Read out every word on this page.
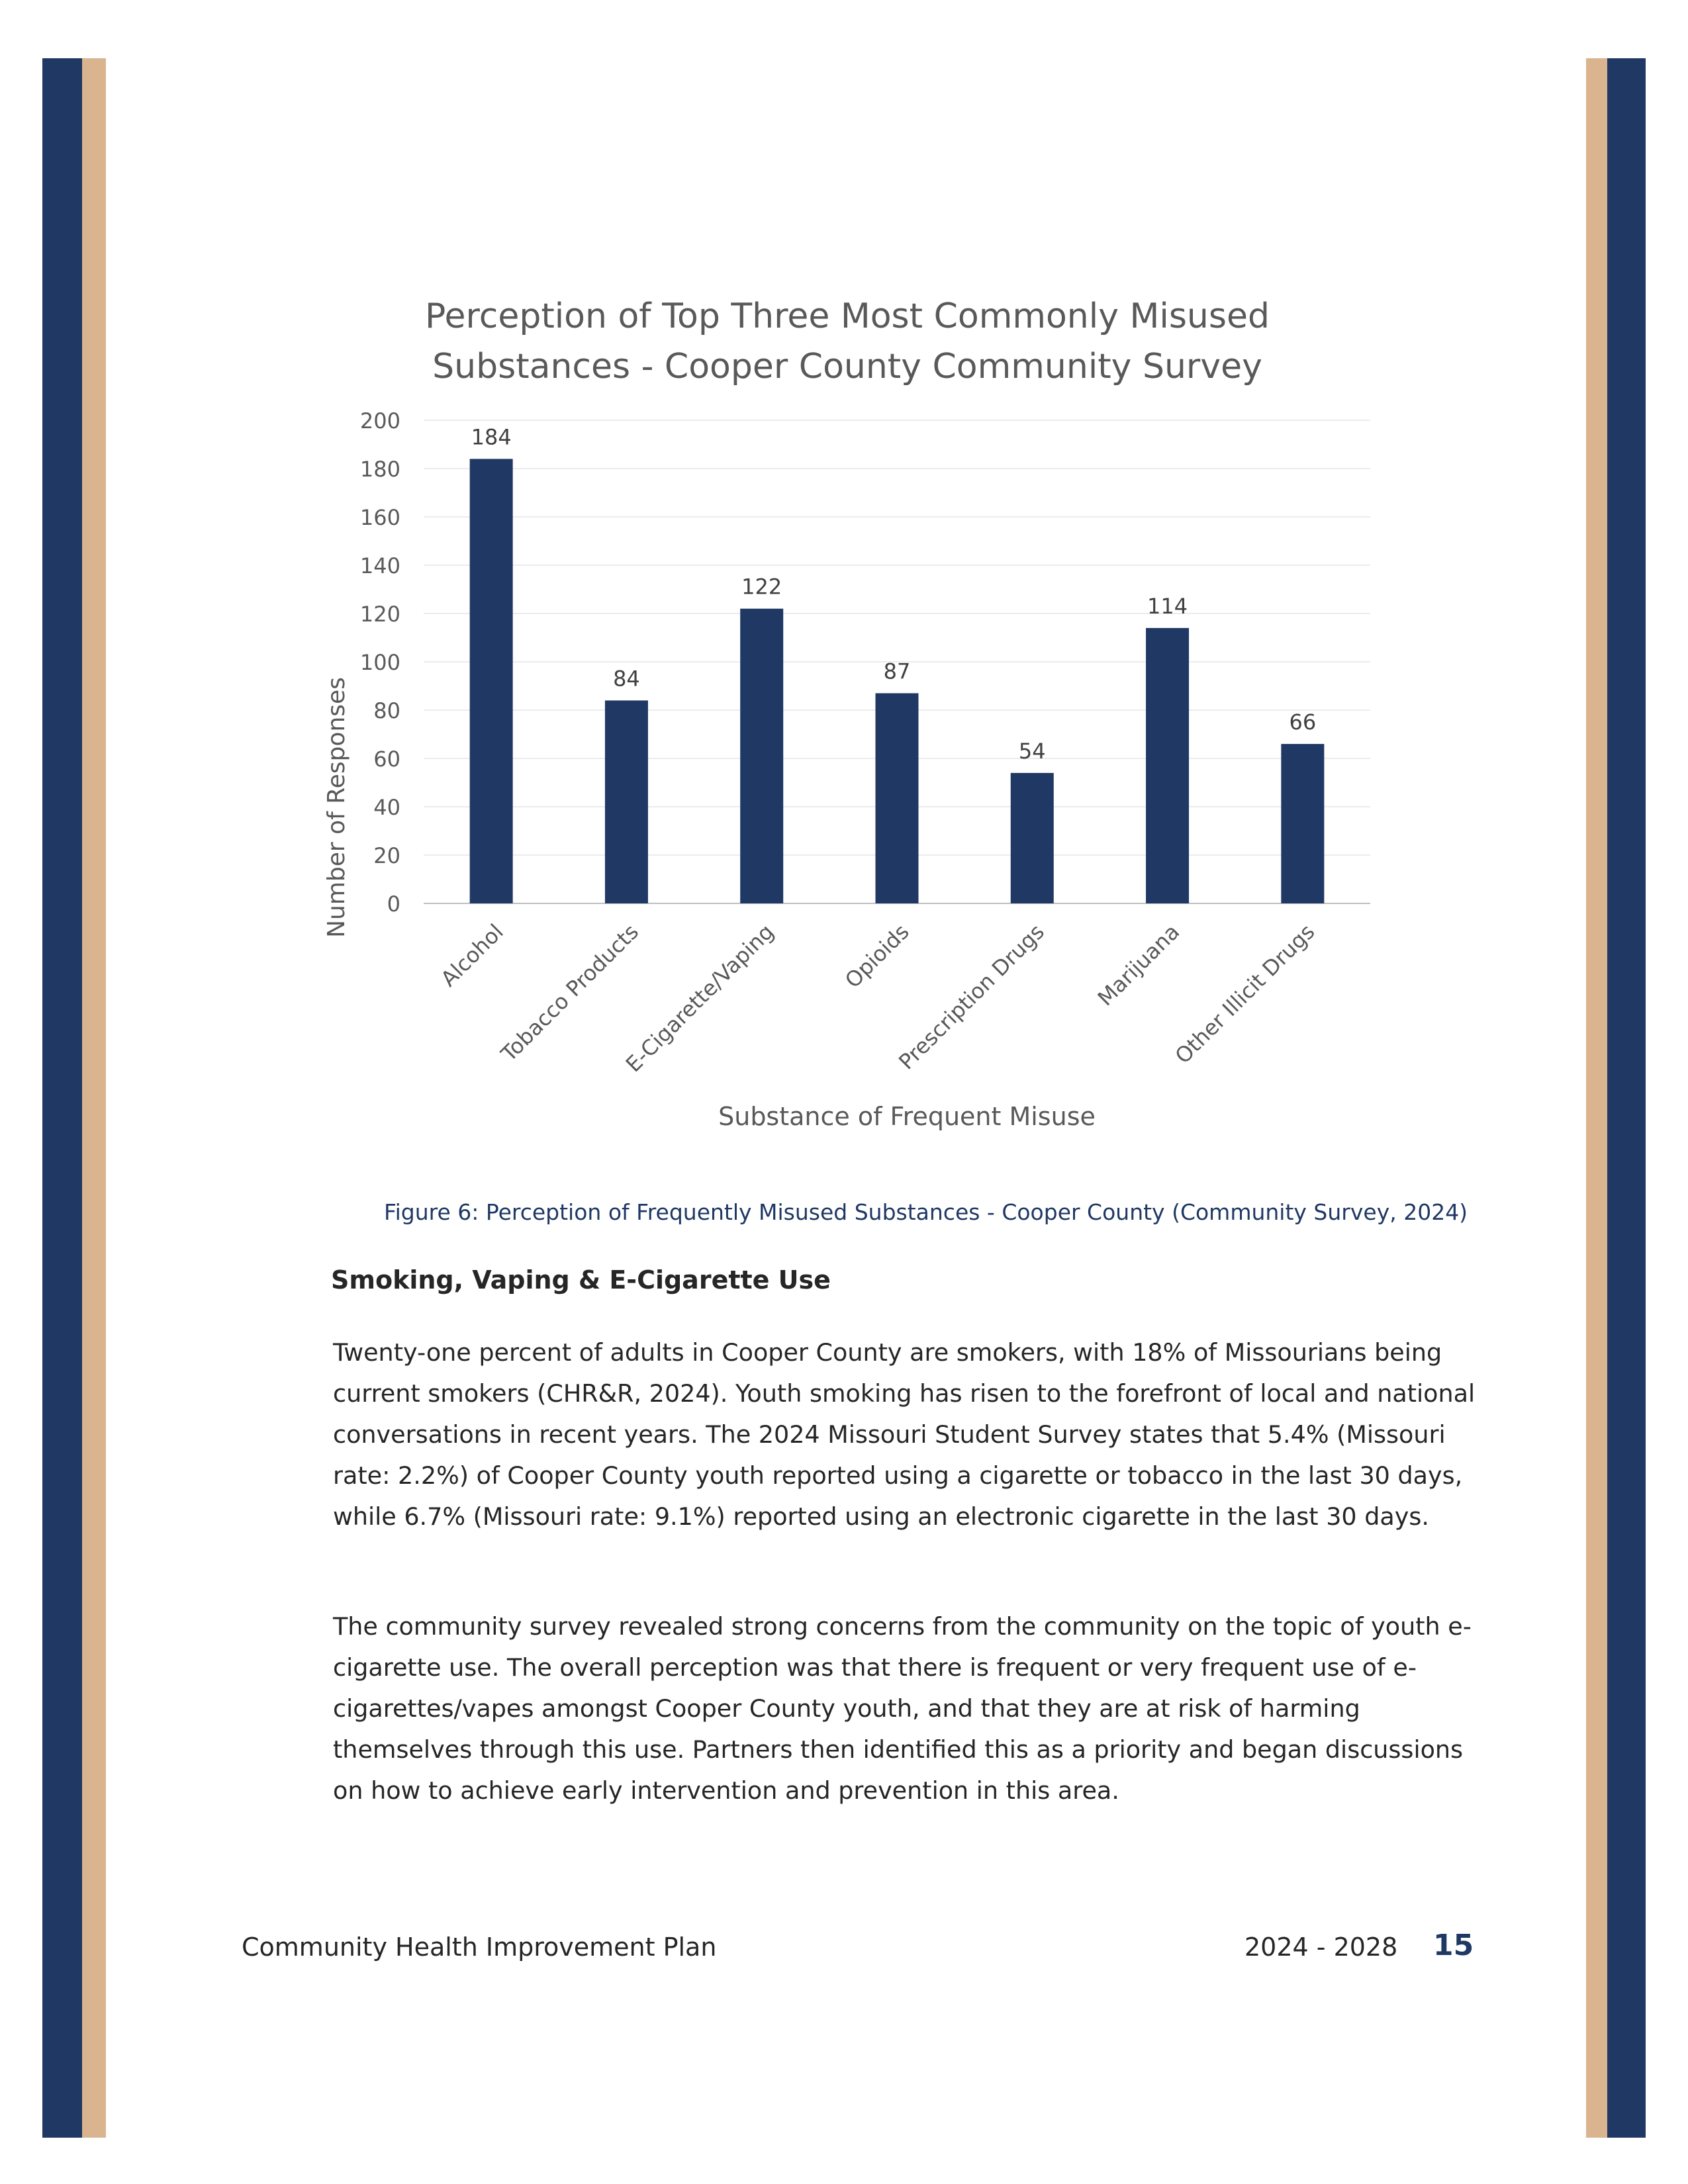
Perception of Top Three Most Commonly Misused
Substances - Cooper County Community Survey
0
20
40
60
80
100
120
140
160
180
200
184
84
122
87
54
114
66
Alcohol
Tobacco Products
E-Cigarette/Vaping	Opioids
Prescription Drugs Marijuana
Other Illicit Drugs
Number of Responses
Substance of Frequent Misuse
Figure 6: Perception of Frequently Misused Substances - Cooper County (Community Survey, 2024)
Smoking, Vaping & E-Cigarette Use

Twenty-one percent of adults in Cooper County are smokers, with 18% of Missourians being current smokers (CHR&R, 2024). Youth smoking has risen to the forefront of local and national conversations in recent years. The 2024 Missouri Student Survey states that 5.4% (Missouri rate: 2.2%) of Cooper County youth reported using a cigarette or tobacco in the last 30 days, while 6.7% (Missouri rate: 9.1%) reported using an electronic cigarette in the last 30 days.

The community survey revealed strong concerns from the community on the topic of youth e-cigarette use. The overall perception was that there is frequent or very frequent use of e-cigarettes/vapes amongst Cooper County youth, and that they are at risk of harming themselves through this use. Partners then identified this as a priority and began discussions on how to achieve early intervention and prevention in this area.

Community Health Improvement Plan	2024 - 2028 15
